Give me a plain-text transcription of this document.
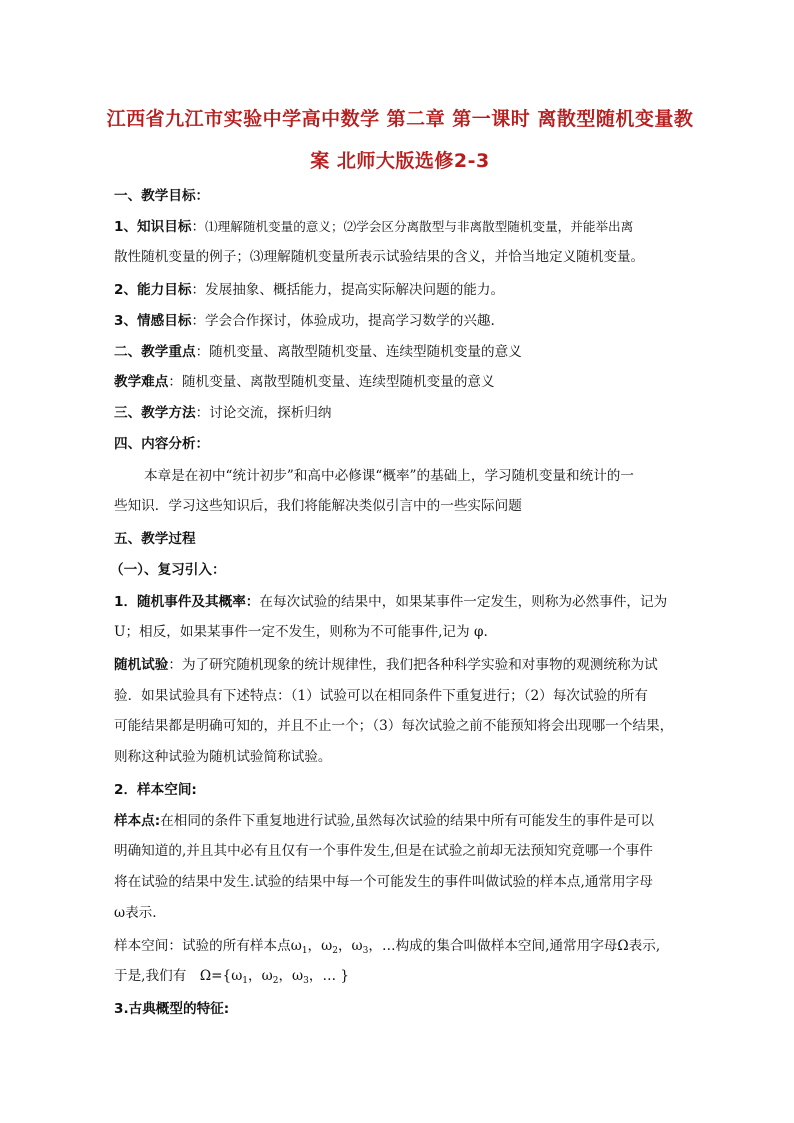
江西省九江市实验中学高中数学 第二章 第一课时 离散型随机变量教
案 北师大版选修2-3
一、教学目标：
1、知识目标：⑴理解随机变量的意义；⑵学会区分离散型与非离散型随机变量，并能举出离
散性随机变量的例子；⑶理解随机变量所表示试验结果的含义，并恰当地定义随机变量。
2、能力目标：发展抽象、概括能力，提高实际解决问题的能力。
3、情感目标：学会合作探讨，体验成功，提高学习数学的兴趣.
二、教学重点：随机变量、离散型随机变量、连续型随机变量的意义
教学难点：随机变量、离散型随机变量、连续型随机变量的意义
三、教学方法：讨论交流，探析归纳
四、内容分析：
本章是在初中“统计初步”和高中必修课“概率”的基础上，学习随机变量和统计的一
些知识．学习这些知识后，我们将能解决类似引言中的一些实际问题
五、教学过程
（一）、复习引入：
1．随机事件及其概率：在每次试验的结果中，如果某事件一定发生，则称为必然事件，记为
U；相反，如果某事件一定不发生，则称为不可能事件,记为 φ.
随机试验：为了研究随机现象的统计规律性，我们把各种科学实验和对事物的观测统称为试
验．如果试验具有下述特点：（1）试验可以在相同条件下重复进行；（2）每次试验的所有
可能结果都是明确可知的，并且不止一个；（3）每次试验之前不能预知将会出现哪一个结果，
则称这种试验为随机试验简称试验。
2．样本空间:
样本点:在相同的条件下重复地进行试验,虽然每次试验的结果中所有可能发生的事件是可以
明确知道的,并且其中必有且仅有一个事件发生,但是在试验之前却无法预知究竟哪一个事件
将在试验的结果中发生.试验的结果中每一个可能发生的事件叫做试验的样本点,通常用字母
ω表示.
样本空间：试验的所有样本点$\omega_1$，$\omega_2$，$\omega_3$，…构成的集合叫做样本空间,通常用字母Ω表示,
于是,我们有　$\Omega=\{\omega_1$，$\omega_2$，$\omega_3$，… }
3.古典概型的特征:
